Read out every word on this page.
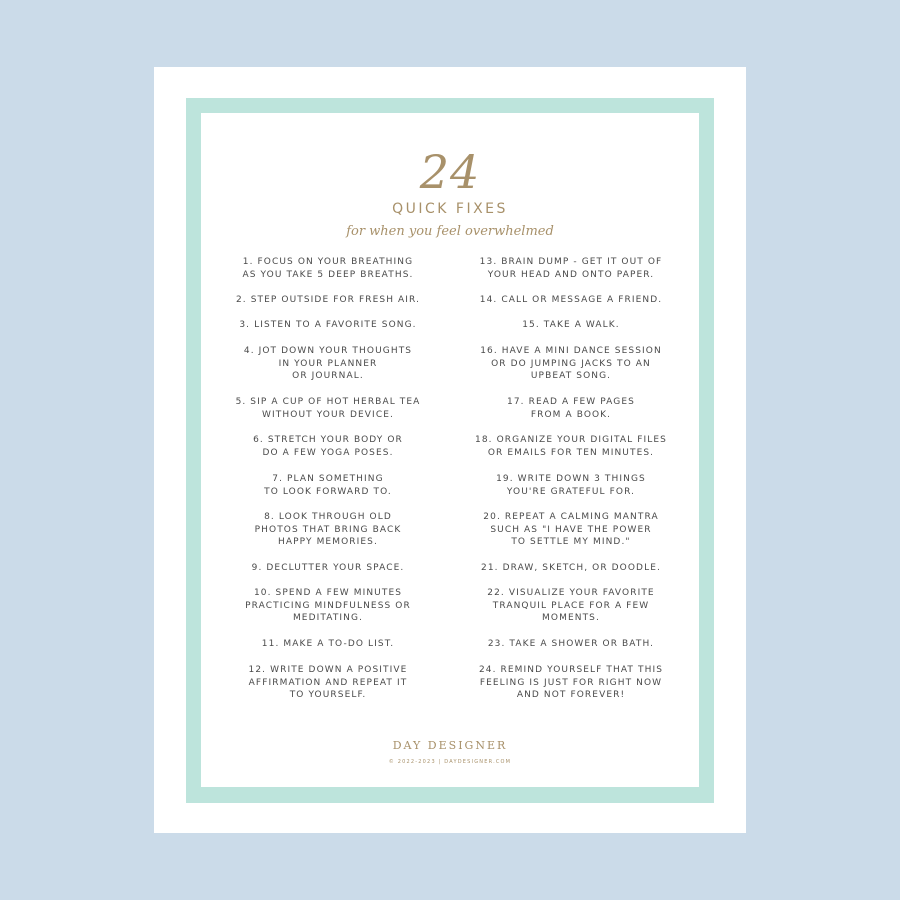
24
QUICK FIXES
for when you feel overwhelmed
1. FOCUS ON YOUR BREATHING
AS YOU TAKE 5 DEEP BREATHS.
2. STEP OUTSIDE FOR FRESH AIR.
3. LISTEN TO A FAVORITE SONG.
4. JOT DOWN YOUR THOUGHTS
IN YOUR PLANNER
OR JOURNAL.
5. SIP A CUP OF HOT HERBAL TEA
WITHOUT YOUR DEVICE.
6. STRETCH YOUR BODY OR
DO A FEW YOGA POSES.
7. PLAN SOMETHING
TO LOOK FORWARD TO.
8. LOOK THROUGH OLD
PHOTOS THAT BRING BACK
HAPPY MEMORIES.
9. DECLUTTER YOUR SPACE.
10. SPEND A FEW MINUTES
PRACTICING MINDFULNESS OR
MEDITATING.
11. MAKE A TO-DO LIST.
12. WRITE DOWN A POSITIVE
AFFIRMATION AND REPEAT IT
TO YOURSELF.
13. BRAIN DUMP - GET IT OUT OF
YOUR HEAD AND ONTO PAPER.
14. CALL OR MESSAGE A FRIEND.
15. TAKE A WALK.
16. HAVE A MINI DANCE SESSION
OR DO JUMPING JACKS TO AN
UPBEAT SONG.
17. READ A FEW PAGES
FROM A BOOK.
18. ORGANIZE YOUR DIGITAL FILES
OR EMAILS FOR TEN MINUTES.
19. WRITE DOWN 3 THINGS
YOU'RE GRATEFUL FOR.
20. REPEAT A CALMING MANTRA
SUCH AS "I HAVE THE POWER
TO SETTLE MY MIND."
21. DRAW, SKETCH, OR DOODLE.
22. VISUALIZE YOUR FAVORITE
TRANQUIL PLACE FOR A FEW
MOMENTS.
23. TAKE A SHOWER OR BATH.
24. REMIND YOURSELF THAT THIS
FEELING IS JUST FOR RIGHT NOW
AND NOT FOREVER!
DAY DESIGNER
© 2022-2023 | DAYDESIGNER.COM
